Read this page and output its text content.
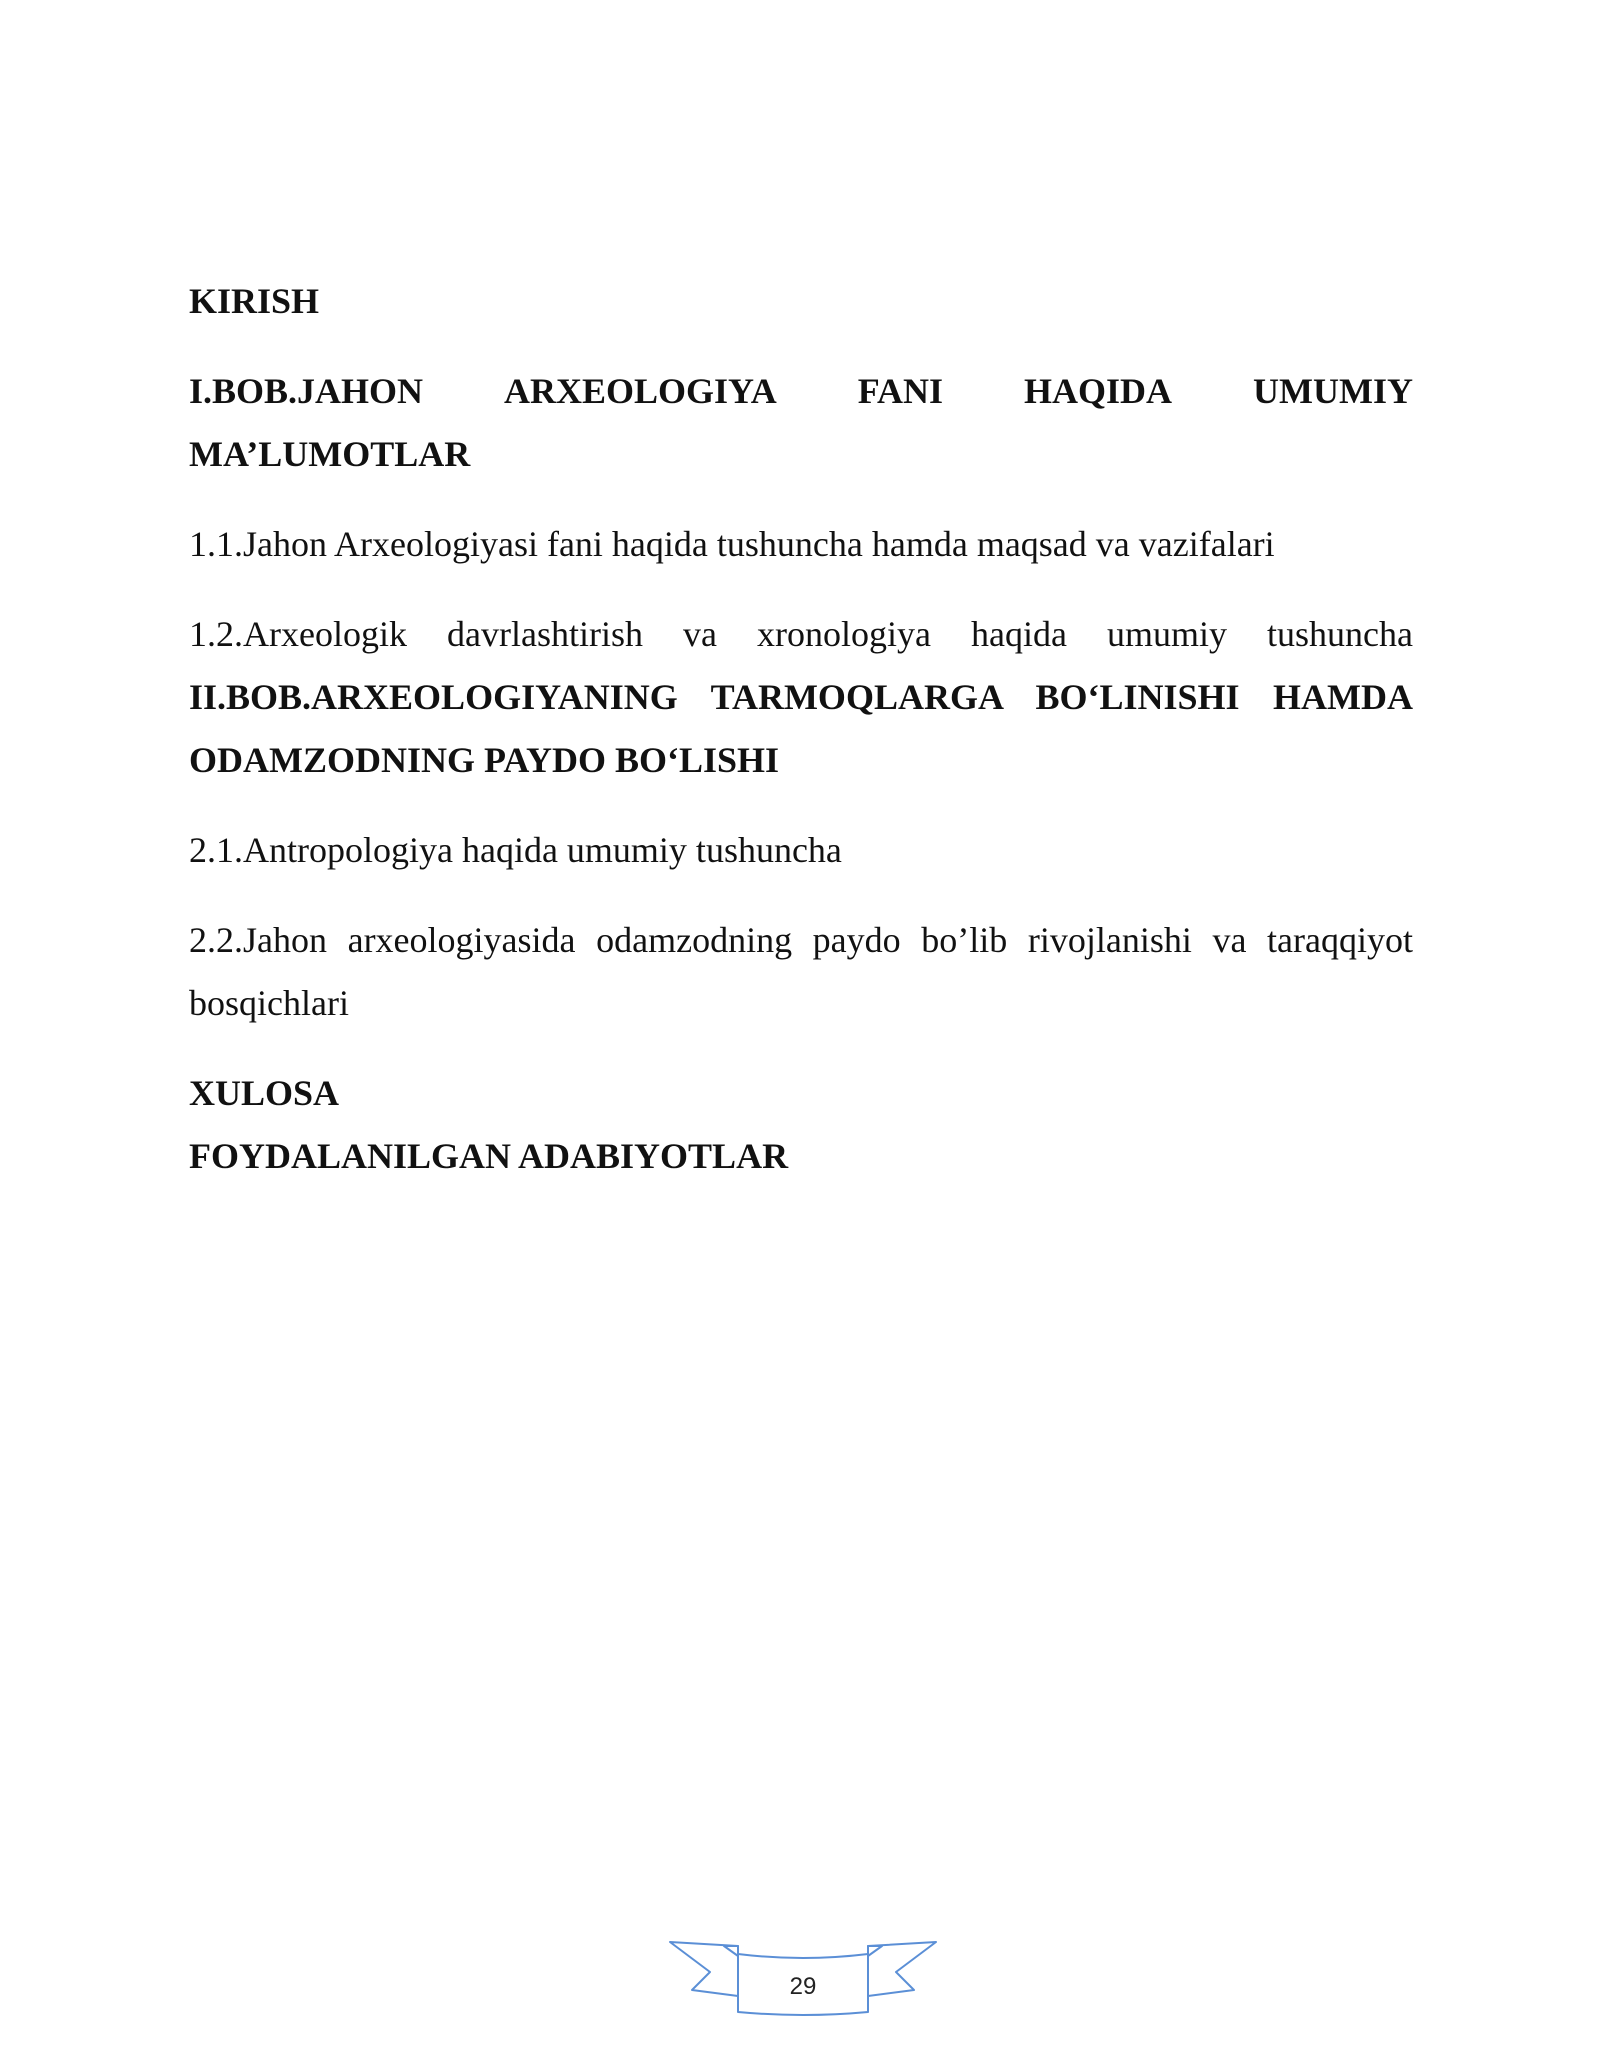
KIRISH

I.BOB.JAHON ARXEOLOGIYA FANI HAQIDA UMUMIY

MA’LUMOTLAR

1.1.Jahon Arxeologiyasi fani haqida tushuncha hamda maqsad va vazifalari

1.2.Arxeologik davrlashtirish va xronologiya haqida umumiy tushuncha

II.BOB.ARXEOLOGIYANING TARMOQLARGA BO‘LINISHI HAMDA

ODAMZODNING PAYDO BO‘LISHI

2.1.Antropologiya haqida umumiy tushuncha

2.2.Jahon arxeologiyasida odamzodning paydo bo’lib rivojlanishi va taraqqiyot

bosqichlari

XULOSA

FOYDALANILGAN ADABIYOTLAR

29
